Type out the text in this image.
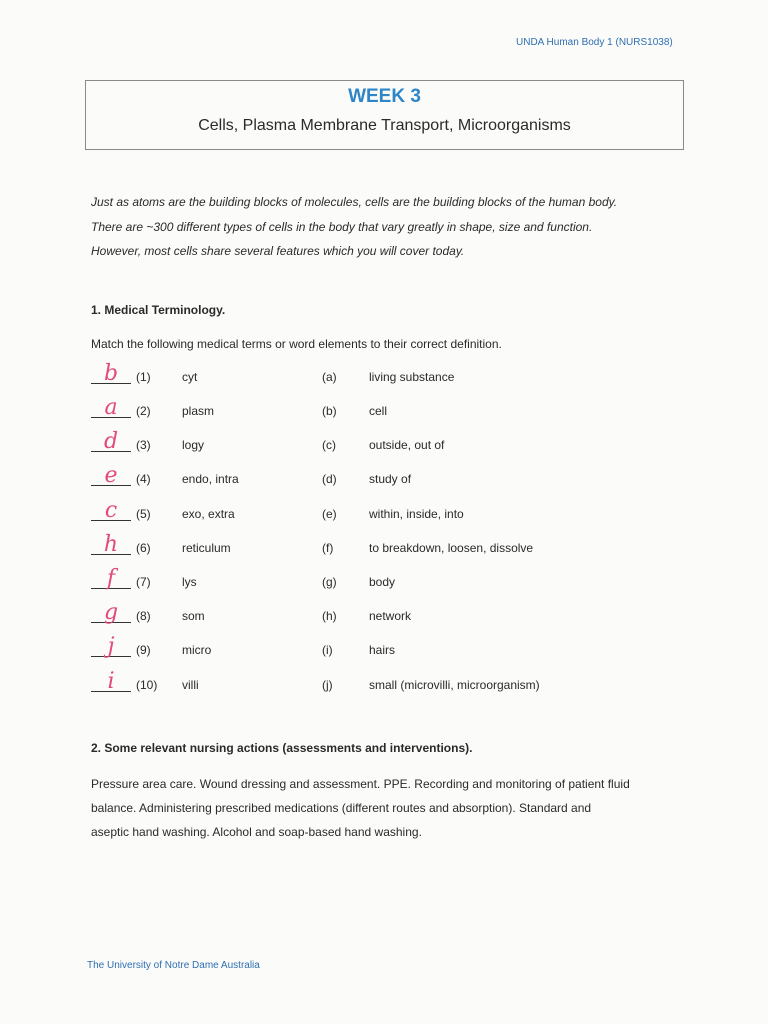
UNDA Human Body 1 (NURS1038)
WEEK 3
Cells, Plasma Membrane Transport, Microorganisms

Just as atoms are the building blocks of molecules, cells are the building blocks of the human body.

There are ~300 different types of cells in the body that vary greatly in shape, size and function.

However, most cells share several features which you will cover today.

1. Medical Terminology.
Match the following medical terms or word elements to their correct definition.
b	(1)	cyt	(a)	living substance
a	(2)	plasm	(b)	cell
d	(3)	logy	(c)	outside, out of
e	(4)	endo, intra	(d)	study of
c	(5)	exo, extra	(e)	within, inside, into
h	(6)	reticulum	(f)	to breakdown, loosen, dissolve
f	(7)	lys	(g)	body
g	(8)	som	(h)	network
j	(9)	micro	(i)	hairs
i	(10) villi	(j)	small (microvilli, microorganism)
2. Some relevant nursing actions (assessments and interventions).

Pressure area care. Wound dressing and assessment. PPE. Recording and monitoring of patient fluid

balance. Administering prescribed medications (different routes and absorption). Standard and

aseptic hand washing. Alcohol and soap-based hand washing.

The University of Notre Dame Australia
